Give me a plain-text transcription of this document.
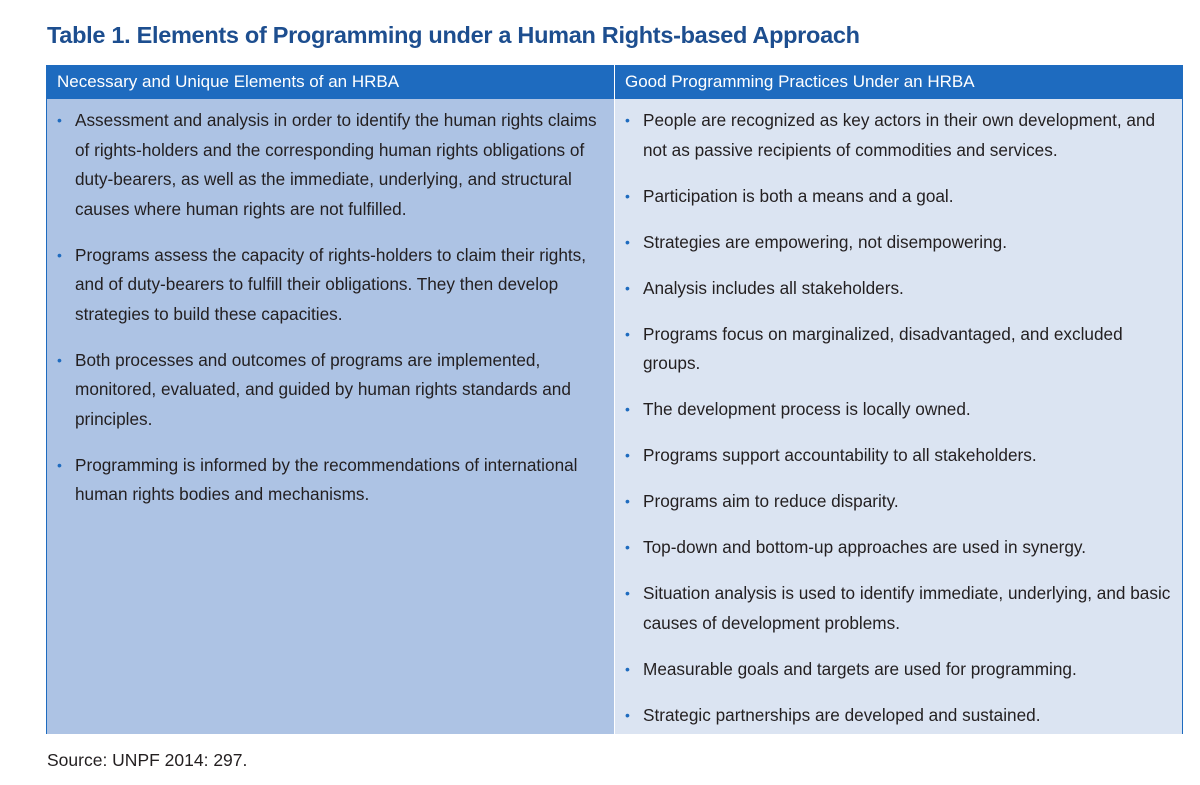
Table 1. Elements of Programming under a Human Rights-based Approach
Necessary and Unique Elements of an HRBA	Good Programming Practices Under an HRBA
• Assessment and analysis in order to identify the human rights claims of rights-holders and the corresponding human rights obligations of duty-bearers, as well as the immediate, underlying, and structural causes where human rights are not fulfilled.
• Programs assess the capacity of rights-holders to claim their rights, and of duty-bearers to fulfill their obligations. They then develop strategies to build these capacities.
• Both processes and outcomes of programs are implemented, monitored, evaluated, and guided by human rights standards and principles.
• Programming is informed by the recommendations of international human rights bodies and mechanisms.
• People are recognized as key actors in their own development, and not as passive recipients of commodities and services.
• Participation is both a means and a goal.
• Strategies are empowering, not disempowering.
• Analysis includes all stakeholders.
• Programs focus on marginalized, disadvantaged, and excluded groups.
• The development process is locally owned.
• Programs support accountability to all stakeholders.
• Programs aim to reduce disparity.
• Top-down and bottom-up approaches are used in synergy.
• Situation analysis is used to identify immediate, underlying, and basic causes of development problems.
• Measurable goals and targets are used for programming.
• Strategic partnerships are developed and sustained.
Source: UNPF 2014: 297.
